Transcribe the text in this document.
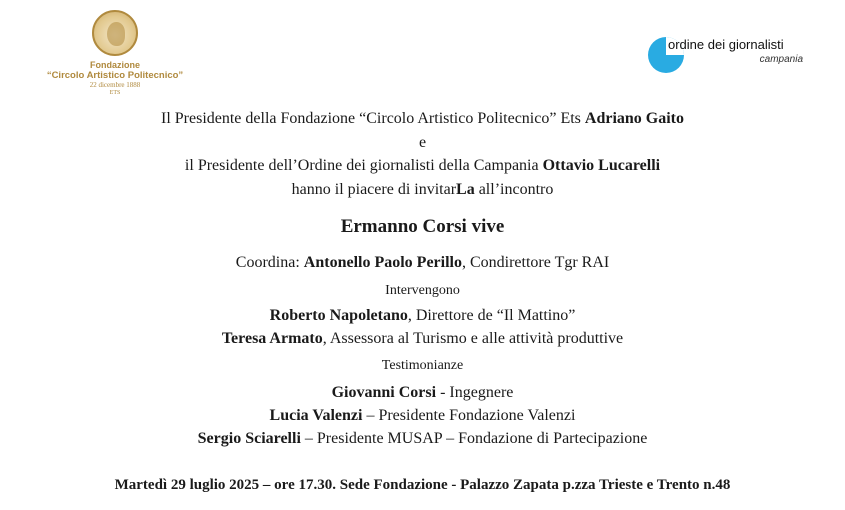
Fondazione
“Circolo Artistico Politecnico”
22 dicembre 1888
ETS
ordine dei giornalisti
campania
Il Presidente della Fondazione “Circolo Artistico Politecnico” Ets Adriano Gaito
e
il Presidente dell’Ordine dei giornalisti della Campania Ottavio Lucarelli
hanno il piacere di invitarLa all’incontro
Ermanno Corsi vive
Coordina: Antonello Paolo Perillo, Condirettore Tgr RAI
Intervengono
Roberto Napoletano, Direttore de “Il Mattino”
Teresa Armato, Assessora al Turismo e alle attività produttive
Testimonianze
Giovanni Corsi - Ingegnere
Lucia Valenzi – Presidente Fondazione Valenzi
Sergio Sciarelli – Presidente MUSAP – Fondazione di Partecipazione
Martedì 29 luglio 2025 – ore 17.30. Sede Fondazione - Palazzo Zapata p.zza Trieste e Trento n.48
